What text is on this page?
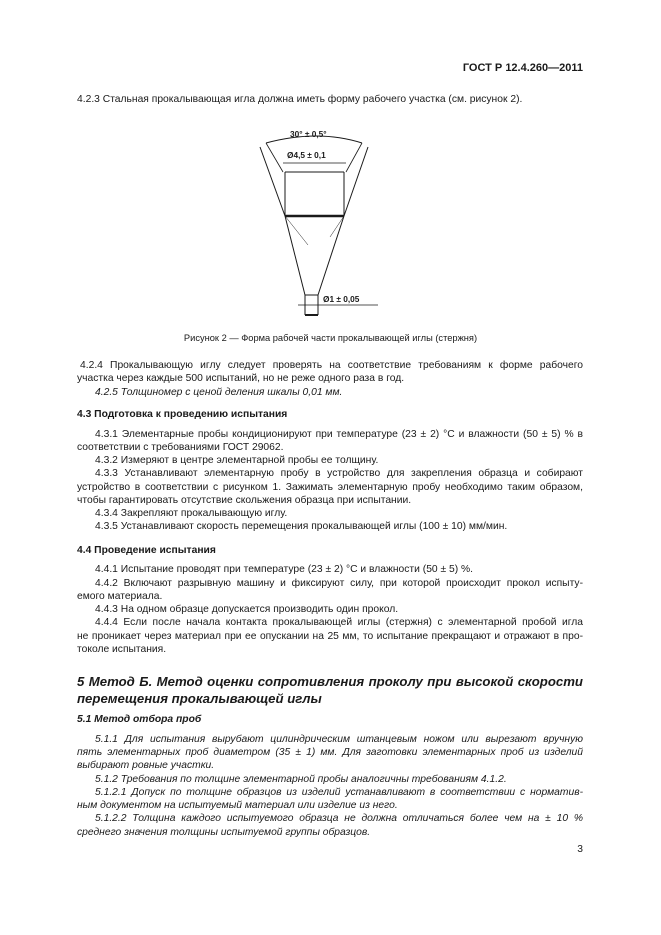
ГОСТ Р 12.4.260—2011
4.2.3 Стальная прокалывающая игла должна иметь форму рабочего участка (см. рисунок 2).
30° ± 0,5°
Ø4,5 ± 0,1
Ø1 ± 0,05
Рисунок 2 — Форма рабочей части прокалывающей иглы (стержня)
4.2.4 Прокалывающую иглу следует проверять на соответствие требованиям к форме рабочего
участка через каждые 500 испытаний, но не реже одного раза в год.
4.2.5 Толщиномер с ценой деления шкалы 0,01 мм.
4.3 Подготовка к проведению испытания
4.3.1 Элементарные пробы кондиционируют при температуре (23 ± 2) °C и влажности (50 ± 5) % в
соответствии с требованиями ГОСТ 29062.
4.3.2 Измеряют в центре элементарной пробы ее толщину.
4.3.3 Устанавливают элементарную пробу в устройство для закрепления образца и собирают
устройство в соответствии с рисунком 1. Зажимать элементарную пробу необходимо таким образом,
чтобы гарантировать отсутствие скольжения образца при испытании.
4.3.4 Закрепляют прокалывающую иглу.
4.3.5 Устанавливают скорость перемещения прокалывающей иглы (100 ± 10) мм/мин.
4.4 Проведение испытания
4.4.1 Испытание проводят при температуре (23 ± 2) °C и влажности (50 ± 5) %.
4.4.2 Включают разрывную машину и фиксируют силу, при которой происходит прокол испыту-
емого материала.
4.4.3 На одном образце допускается производить один прокол.
4.4.4 Если после начала контакта прокалывающей иглы (стержня) с элементарной пробой игла
не проникает через материал при ее опускании на 25 мм, то испытание прекращают и отражают в про-
токоле испытания.
5 Метод Б. Метод оценки сопротивления проколу при высокой скорости
перемещения прокалывающей иглы
5.1 Метод отбора проб
5.1.1 Для испытания вырубают цилиндрическим штанцевым ножом или вырезают вручную
пять элементарных проб диаметром (35 ± 1) мм. Для заготовки элементарных проб из изделий
выбирают ровные участки.
5.1.2 Требования по толщине элементарной пробы аналогичны требованиям 4.1.2.
5.1.2.1 Допуск по толщине образцов из изделий устанавливают в соответствии с норматив-
ным документом на испытуемый материал или изделие из него.
5.1.2.2 Толщина каждого испытуемого образца не должна отличаться более чем на ± 10 %
среднего значения толщины испытуемой группы образцов.
3
